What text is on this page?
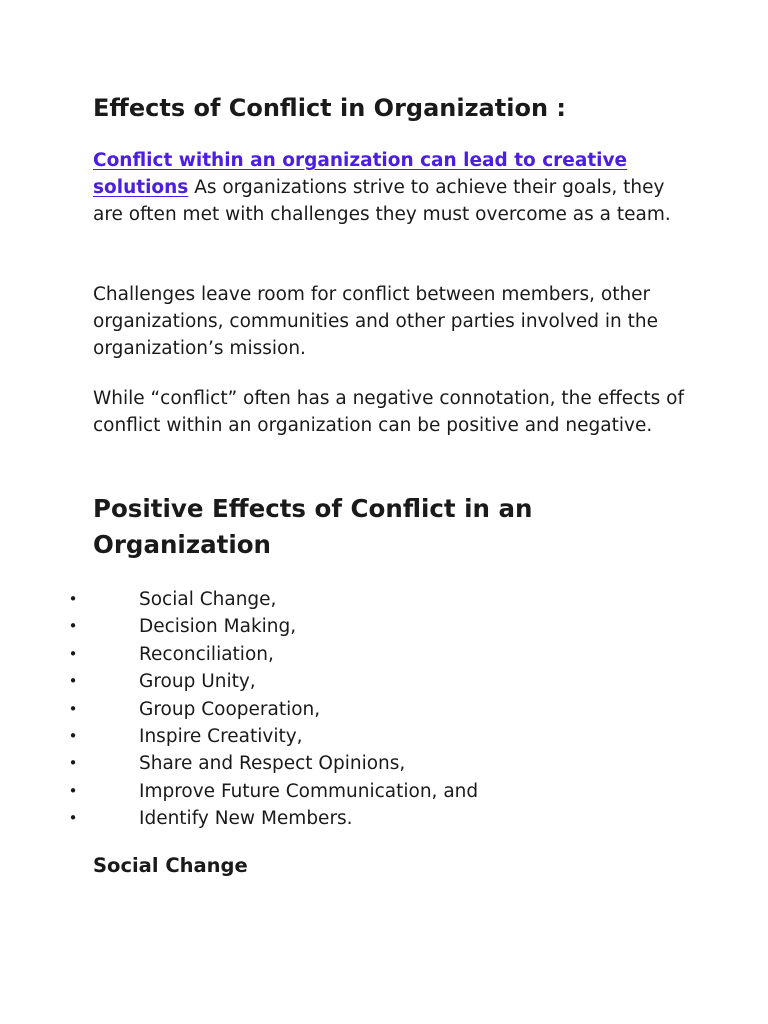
Effects of Conflict in Organization :

Conflict within an organization can lead to creative solutions As organizations strive to achieve their goals, they are often met with challenges they must overcome as a team.

Challenges leave room for conflict between members, other organizations, communities and other parties involved in the organization’s mission.

While “conflict” often has a negative connotation, the effects of conflict within an organization can be positive and negative.

Positive Effects of Conflict in an Organization
•	Social Change,
•	Decision Making,
•	Reconciliation,
•	Group Unity,
•	Group Cooperation,
•	Inspire Creativity,
•	Share and Respect Opinions,
•	Improve Future Communication, and
•	Identify New Members.
Social Change
